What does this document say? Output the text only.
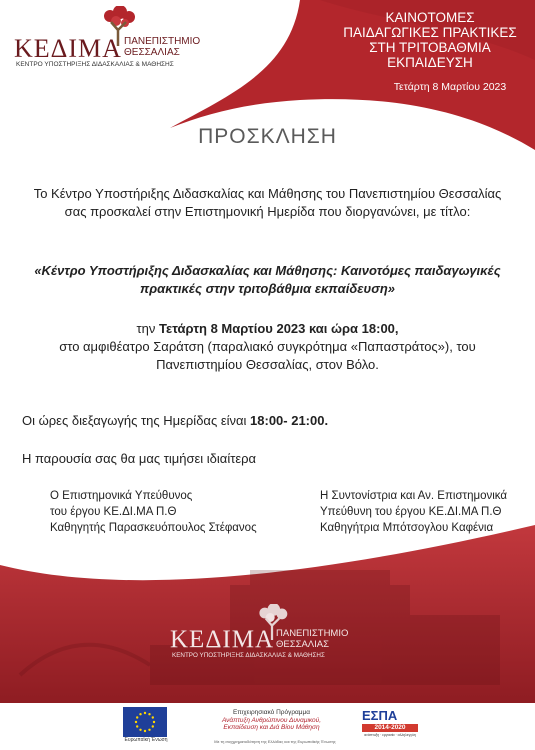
ΚΕΔΙΜΑ ΠΑΝΕΠΙΣΤΗΜΙΟ
ΘΕΣΣΑΛΙΑΣ
ΚΕΝΤΡΟ ΥΠΟΣΤΗΡΙΞΗΣ ΔΙΔΑΣΚΑΛΙΑΣ & ΜΑΘΗΣΗΣ
ΚΑΙΝΟΤΟΜΕΣ
ΠΑΙΔΑΓΩΓΙΚΕΣ ΠΡΑΚΤΙΚΕΣ
ΣΤΗ ΤΡΙΤΟΒΑΘΜΙΑ ΕΚΠΑΙΔΕΥΣΗ
Τετάρτη 8 Μαρτίου 2023
ΠΡΟΣΚΛΗΣΗ
Το Κέντρο Υποστήριξης Διδασκαλίας και Μάθησης του Πανεπιστημίου Θεσσαλίας
σας προσκαλεί στην Επιστημονική Ημερίδα που διοργανώνει, με τίτλο:
«Κέντρο Υποστήριξης Διδασκαλίας και Μάθησης: Καινοτόμες παιδαγωγικές
πρακτικές στην τριτοβάθμια εκπαίδευση»
την Τετάρτη 8 Μαρτίου 2023 και ώρα 18:00,
στο αμφιθέατρο Σαράτση (παραλιακό συγκρότημα «Παπαστράτος»), του
Πανεπιστημίου Θεσσαλίας, στον Βόλο.
Οι ώρες διεξαγωγής της Ημερίδας είναι 18:00- 21:00.
Η παρουσία σας θα μας τιμήσει ιδιαίτερα
Ο Επιστημονικά Υπεύθυνος
του έργου ΚΕ.ΔΙ.ΜΑ Π.Θ
Καθηγητής Παρασκευόπουλος Στέφανος
Η Συντονίστρια και Αν. Επιστημονικά
Υπεύθυνη του έργου ΚΕ.ΔΙ.ΜΑ Π.Θ
Καθηγήτρια Μπότσογλου Καφένια
ΚΕΔΙΜΑ ΠΑΝΕΠΙΣΤΗΜΙΟ
ΘΕΣΣΑΛΙΑΣ
ΚΕΝΤΡΟ ΥΠΟΣΤΗΡΙΞΗΣ ΔΙΔΑΣΚΑΛΙΑΣ & ΜΑΘΗΣΗΣ
Ευρωπαϊκή Ένωση
Επιχειρησιακό Πρόγραμμα
Ανάπτυξη Ανθρώπινου Δυναμικού,
Εκπαίδευση και Διά Βίου Μάθηση
Με τη συγχρηματοδότηση της Ελλάδας και της Ευρωπαϊκής Ένωσης
ΕΣΠΑ
2014-2020
ανάπτυξη · εργασία · αλληλεγγύη
